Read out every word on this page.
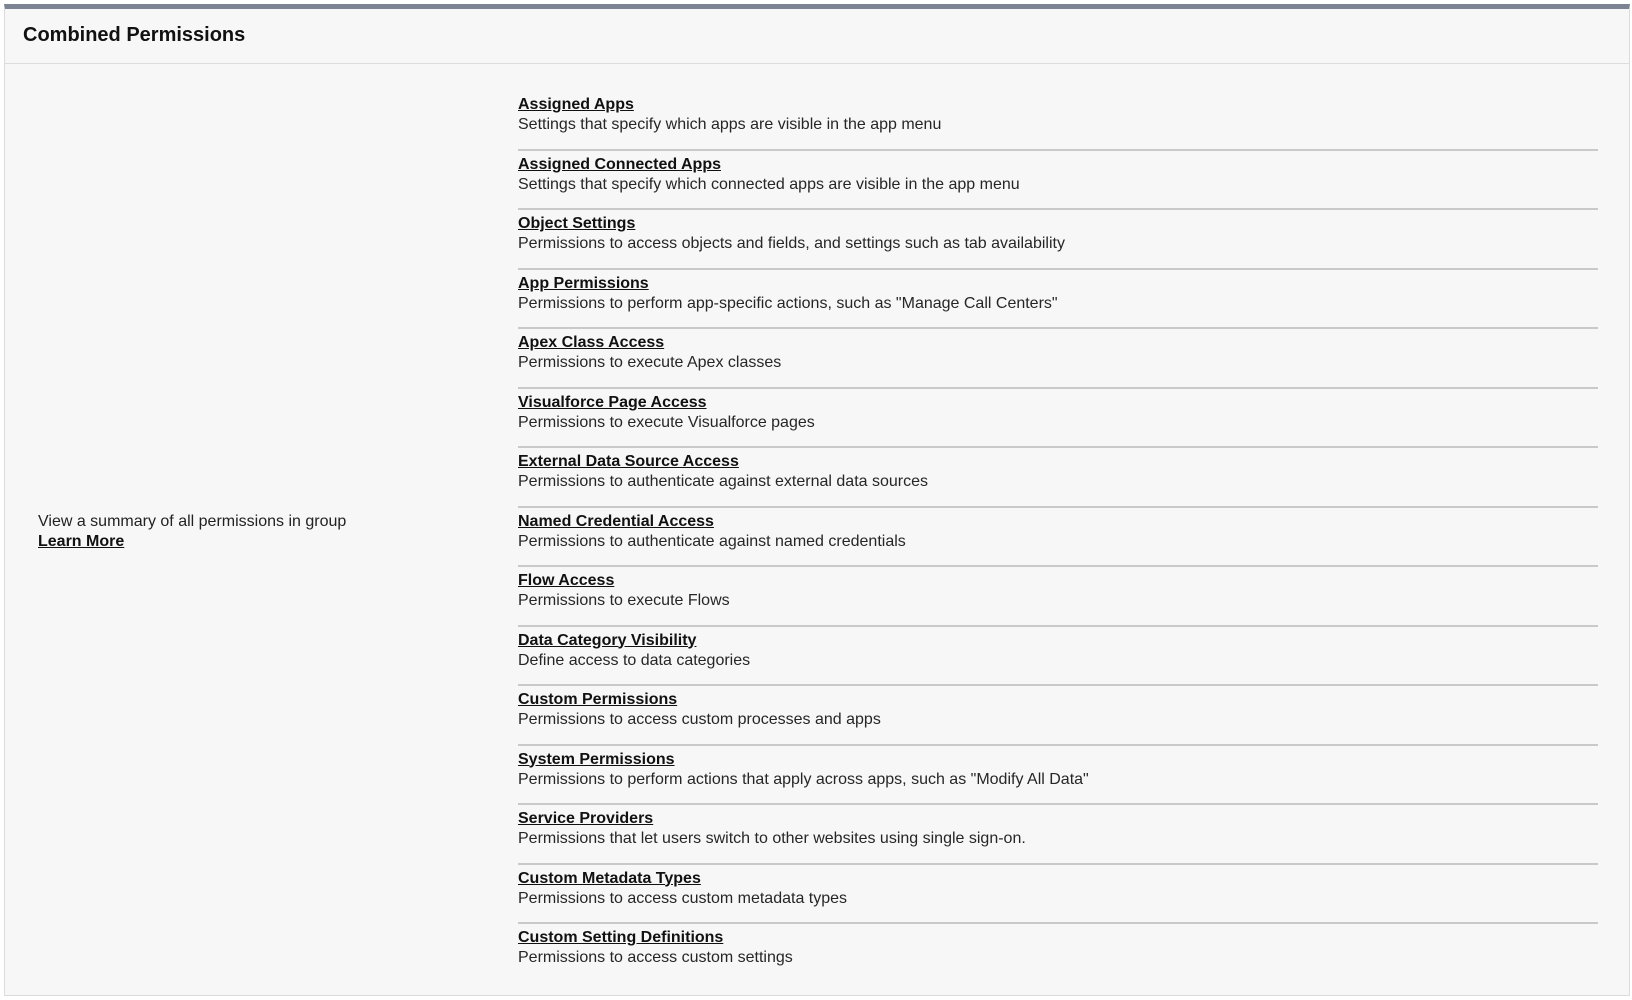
Combined Permissions
View a summary of all permissions in group
Learn More
Assigned Apps
Settings that specify which apps are visible in the app menu
Assigned Connected Apps
Settings that specify which connected apps are visible in the app menu
Object Settings
Permissions to access objects and fields, and settings such as tab availability
App Permissions
Permissions to perform app-specific actions, such as "Manage Call Centers"
Apex Class Access
Permissions to execute Apex classes
Visualforce Page Access
Permissions to execute Visualforce pages
External Data Source Access
Permissions to authenticate against external data sources
Named Credential Access
Permissions to authenticate against named credentials
Flow Access
Permissions to execute Flows
Data Category Visibility
Define access to data categories
Custom Permissions
Permissions to access custom processes and apps
System Permissions
Permissions to perform actions that apply across apps, such as "Modify All Data"
Service Providers
Permissions that let users switch to other websites using single sign-on.
Custom Metadata Types
Permissions to access custom metadata types
Custom Setting Definitions
Permissions to access custom settings
